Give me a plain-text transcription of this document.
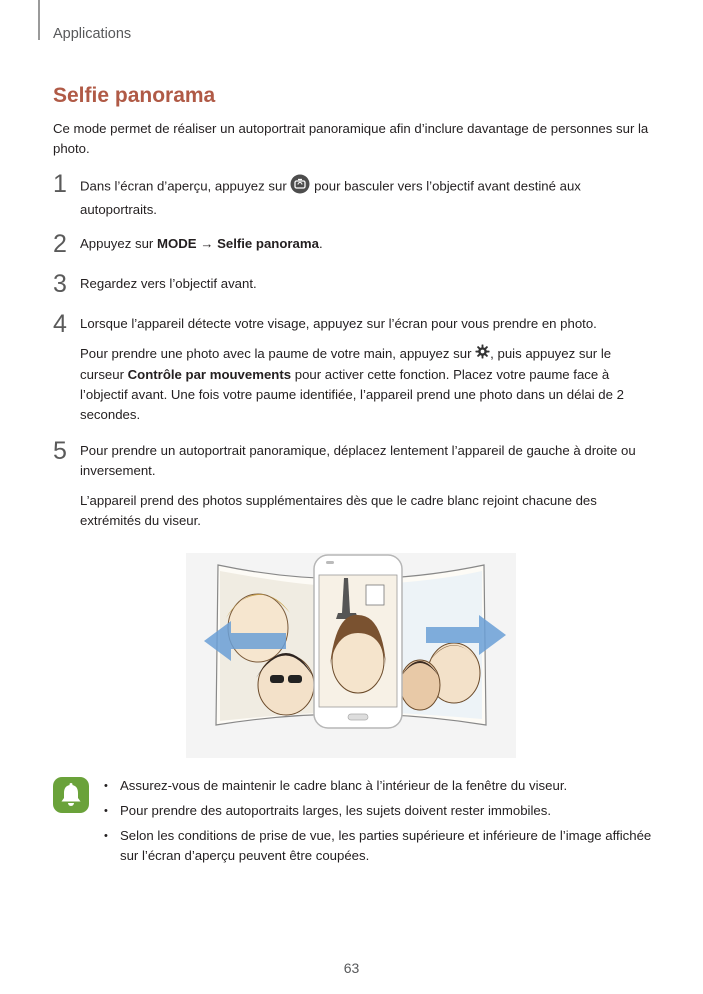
Applications
Selfie panorama
Ce mode permet de réaliser un autoportrait panoramique afin d’inclure davantage de personnes sur la photo.
1 Dans l’écran d’aperçu, appuyez sur pour basculer vers l’objectif avant destiné aux autoportraits.

2 Appuyez sur MODE → Selfie panorama.

3 Regardez vers l’objectif avant.

4 Lorsque l’appareil détecte votre visage, appuyez sur l’écran pour vous prendre en photo.

Pour prendre une photo avec la paume de votre main, appuyez sur , puis appuyez sur le curseur Contrôle par mouvements pour activer cette fonction. Placez votre paume face à l’objectif avant. Une fois votre paume identifiée, l’appareil prend une photo dans un délai de 2 secondes.

5 Pour prendre un autoportrait panoramique, déplacez lentement l’appareil de gauche à droite ou inversement.

L’appareil prend des photos supplémentaires dès que le cadre blanc rejoint chacune des extrémités du viseur.

• Assurez-vous de maintenir le cadre blanc à l’intérieur de la fenêtre du viseur.
• Pour prendre des autoportraits larges, les sujets doivent rester immobiles.
• Selon les conditions de prise de vue, les parties supérieure et inférieure de l’image affichée sur l’écran d’aperçu peuvent être coupées.
63
